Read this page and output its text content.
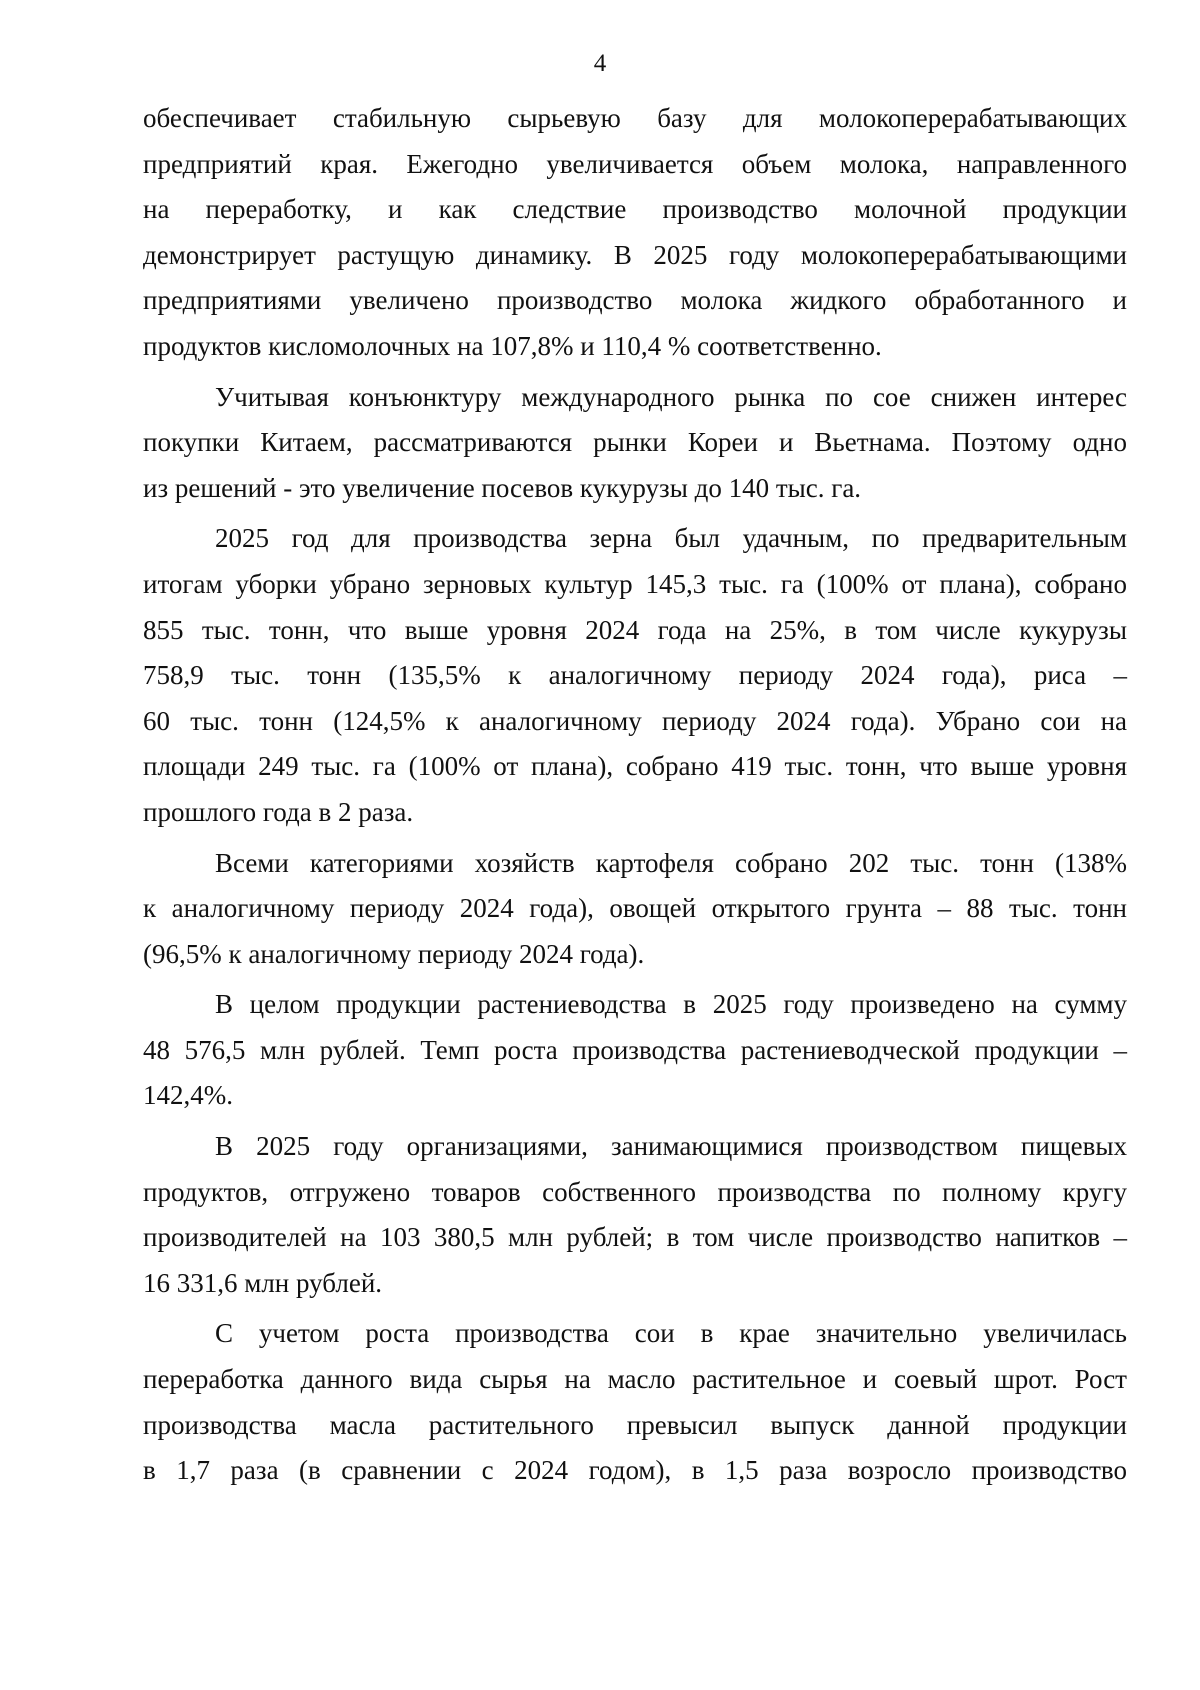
4
обеспечивает стабильную сырьевую базу для молокоперерабатывающих
предприятий края. Ежегодно увеличивается объем молока, направленного
на переработку, и как следствие производство молочной продукции
демонстрирует растущую динамику. В 2025 году молокоперерабатывающими
предприятиями увеличено производство молока жидкого обработанного и
продуктов кисломолочных на 107,8% и 110,4 % соответственно.
Учитывая конъюнктуру международного рынка по сое снижен интерес
покупки Китаем, рассматриваются рынки Кореи и Вьетнама. Поэтому одно
из решений - это увеличение посевов кукурузы до 140 тыс. га.
2025 год для производства зерна был удачным, по предварительным
итогам уборки убрано зерновых культур 145,3 тыс. га (100% от плана), собрано
855 тыс. тонн, что выше уровня 2024 года на 25%, в том числе кукурузы
758,9 тыс. тонн (135,5% к аналогичному периоду 2024 года), риса –
60 тыс. тонн (124,5% к аналогичному периоду 2024 года). Убрано сои на
площади 249 тыс. га (100% от плана), собрано 419 тыс. тонн, что выше уровня
прошлого года в 2 раза.
Всеми категориями хозяйств картофеля собрано 202 тыс. тонн (138%
к аналогичному периоду 2024 года), овощей открытого грунта – 88 тыс. тонн
(96,5% к аналогичному периоду 2024 года).
В целом продукции растениеводства в 2025 году произведено на сумму
48 576,5 млн рублей. Темп роста производства растениеводческой продукции –
142,4%.
В 2025 году организациями, занимающимися производством пищевых
продуктов, отгружено товаров собственного производства по полному кругу
производителей на 103 380,5 млн рублей; в том числе производство напитков –
16 331,6 млн рублей.
С учетом роста производства сои в крае значительно увеличилась
переработка данного вида сырья на масло растительное и соевый шрот. Рост
производства масла растительного превысил выпуск данной продукции
в 1,7 раза (в сравнении с 2024 годом), в 1,5 раза возросло производство
